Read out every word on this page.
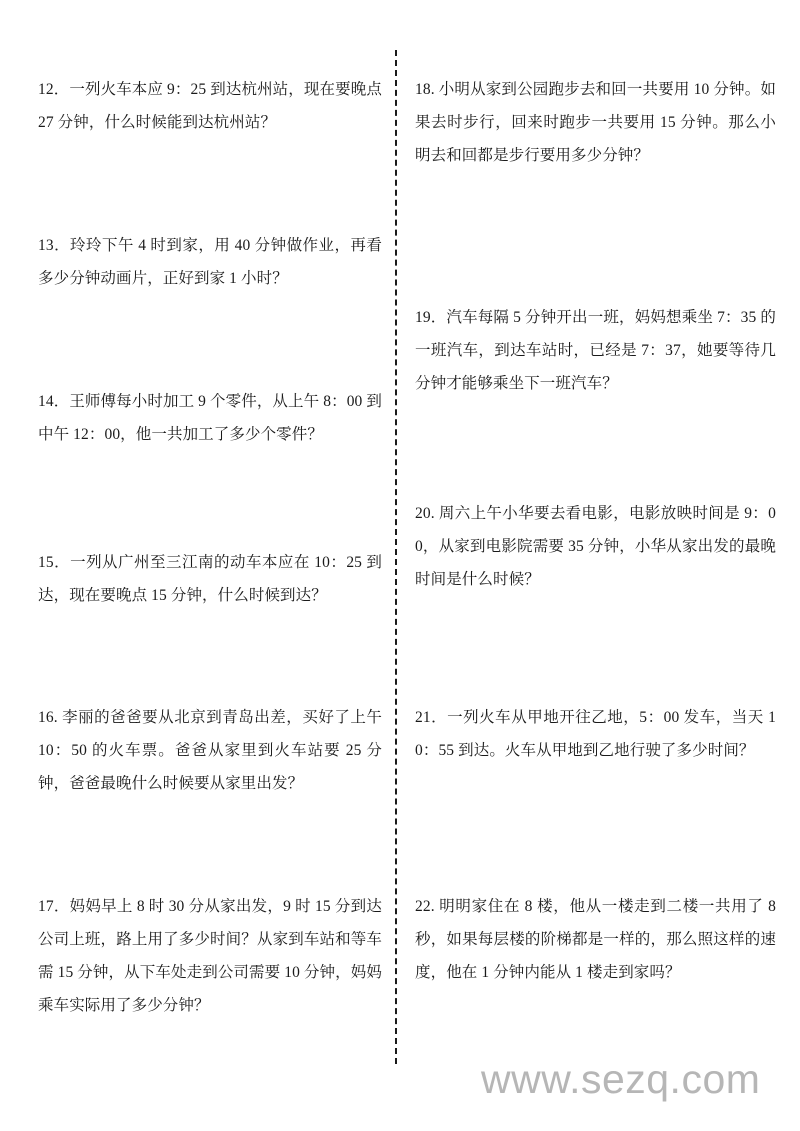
12．一列火车本应 9：25 到达杭州站，现在要晚点 27 分钟，什么时候能到达杭州站？

13．玲玲下午 4 时到家，用 40 分钟做作业，再看多少分钟动画片，正好到家 1 小时？

14．王师傅每小时加工 9 个零件，从上午 8：00 到中午 12：00，他一共加工了多少个零件？

15．一列从广州至三江南的动车本应在 10：25 到达，现在要晚点 15 分钟，什么时候到达？

16. 李丽的爸爸要从北京到青岛出差，买好了上午 10：50 的火车票。爸爸从家里到火车站要 25 分钟，爸爸最晚什么时候要从家里出发？

17．妈妈早上 8 时 30 分从家出发，9 时 15 分到达公司上班，路上用了多少时间？从家到车站和等车需 15 分钟，从下车处走到公司需要 10 分钟，妈妈乘车实际用了多少分钟？

18. 小明从家到公园跑步去和回一共要用 10 分钟。如果去时步行，回来时跑步一共要用 15 分钟。那么小明去和回都是步行要用多少分钟？

19．汽车每隔 5 分钟开出一班，妈妈想乘坐 7：35 的一班汽车，到达车站时，已经是 7：37，她要等待几分钟才能够乘坐下一班汽车？

20. 周六上午小华要去看电影，电影放映时间是 9：00，从家到电影院需要 35 分钟，小华从家出发的最晚时间是什么时候？

21．一列火车从甲地开往乙地，5：00 发车，当天 10：55 到达。火车从甲地到乙地行驶了多少时间？

22. 明明家住在 8 楼，他从一楼走到二楼一共用了 8 秒，如果每层楼的阶梯都是一样的，那么照这样的速度，他在 1 分钟内能从 1 楼走到家吗？

www.sezq.com
